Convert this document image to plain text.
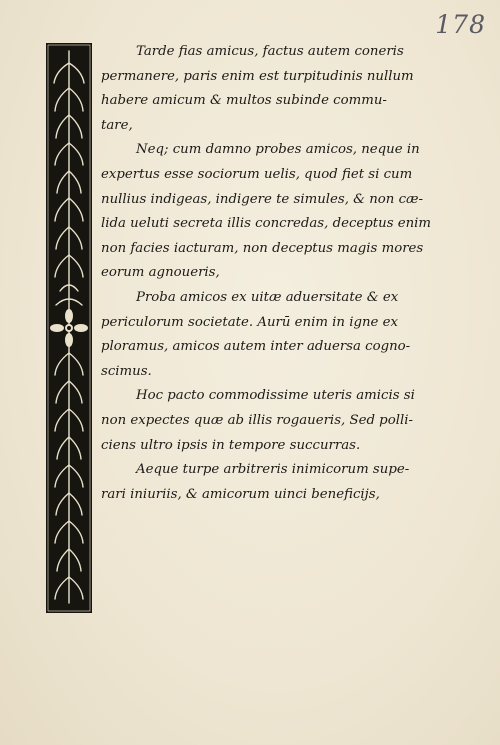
178
Tarde fias amicus, factus autem coneris
permanere, paris enim est turpitudinis nullum
habere amicum & multos subinde commu-
tare,
Neq; cum damno probes amicos, neque in
expertus esse sociorum uelis, quod fiet si cum
nullius indigeas, indigere te simules, & non cæ-
lida ueluti secreta illis concredas, deceptus enim
non facies iacturam, non deceptus magis mores
eorum agnoueris,
Proba amicos ex uitæ aduersitate & ex
periculorum societate. Aurū enim in igne ex
ploramus, amicos autem inter aduersa cogno-
scimus.
Hoc pacto commodissime uteris amicis si
non expectes quæ ab illis rogaueris, Sed polli-
ciens ultro ipsis in tempore succurras.
Aeque turpe arbitreris inimicorum supe-
rari iniuriis, & amicorum uinci beneficijs,
